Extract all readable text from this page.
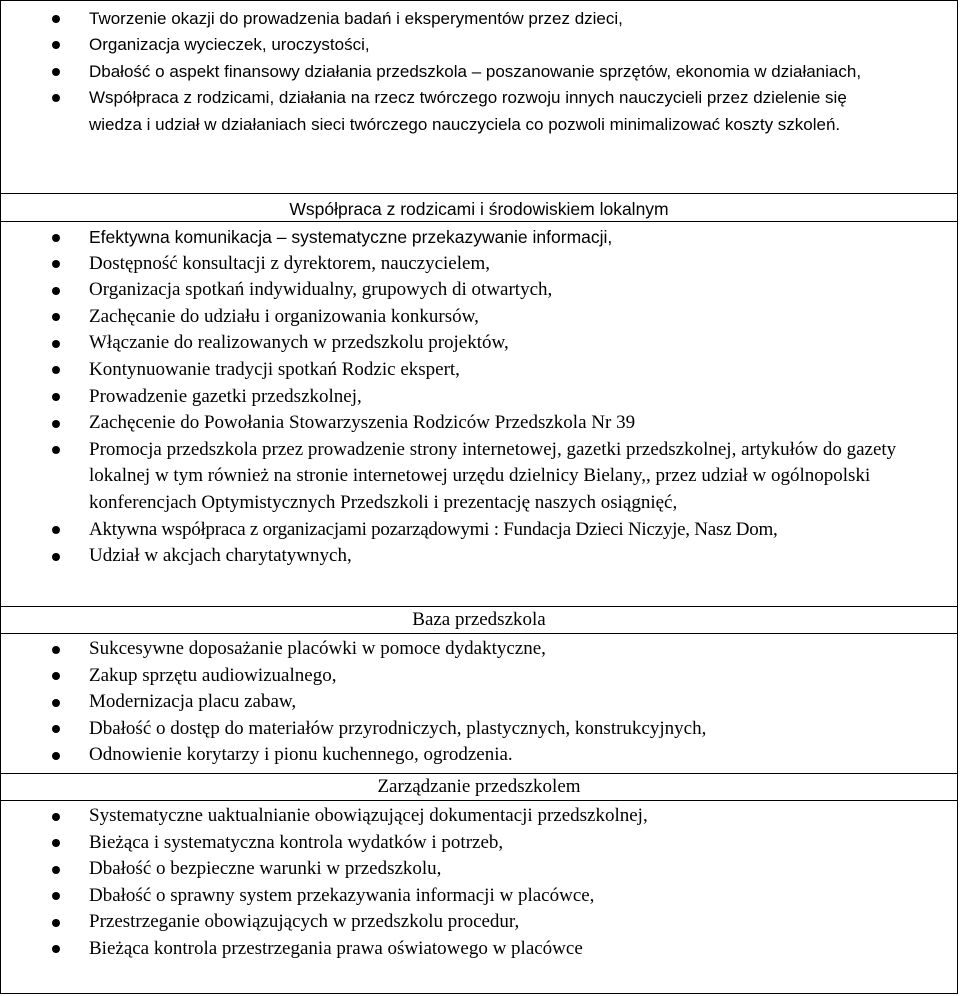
Tworzenie okazji do prowadzenia badań i eksperymentów przez dzieci,
Organizacja wycieczek, uroczystości,
Dbałość o aspekt finansowy działania przedszkola – poszanowanie sprzętów, ekonomia w działaniach,
Współpraca z rodzicami, działania na rzecz twórczego rozwoju innych nauczycieli przez dzielenie się wiedza i udział w działaniach sieci twórczego nauczyciela co pozwoli minimalizować koszty szkoleń.
Współpraca z rodzicami i środowiskiem lokalnym
Efektywna komunikacja – systematyczne przekazywanie informacji,
Dostępność konsultacji z dyrektorem, nauczycielem,
Organizacja spotkań indywidualny, grupowych di otwartych,
Zachęcanie do udziału i organizowania konkursów,
Włączanie do realizowanych w przedszkolu projektów,
Kontynuowanie tradycji spotkań Rodzic ekspert,
Prowadzenie gazetki przedszkolnej,
Zachęcenie do Powołania Stowarzyszenia Rodziców Przedszkola Nr 39
Promocja przedszkola przez prowadzenie strony internetowej, gazetki przedszkolnej, artykułów do gazety lokalnej w tym również na stronie internetowej urzędu dzielnicy Bielany,, przez udział w ogólnopolski konferencjach Optymistycznych Przedszkoli i prezentację naszych osiągnięć,
Aktywna współpraca z organizacjami pozarządowymi : Fundacja Dzieci Niczyje, Nasz Dom,
Udział w akcjach charytatywnych,
Baza przedszkola
Sukcesywne doposażanie placówki w pomoce dydaktyczne,
Zakup sprzętu audiowizualnego,
Modernizacja placu zabaw,
Dbałość o dostęp do materiałów przyrodniczych, plastycznych, konstrukcyjnych,
Odnowienie korytarzy i pionu kuchennego, ogrodzenia.
Zarządzanie przedszkolem
Systematyczne uaktualnianie obowiązującej dokumentacji przedszkolnej,
Bieżąca i systematyczna kontrola wydatków i potrzeb,
Dbałość o bezpieczne warunki w przedszkolu,
Dbałość o sprawny system przekazywania informacji w placówce,
Przestrzeganie obowiązujących w przedszkolu procedur,
Bieżąca kontrola przestrzegania prawa oświatowego w placówce
